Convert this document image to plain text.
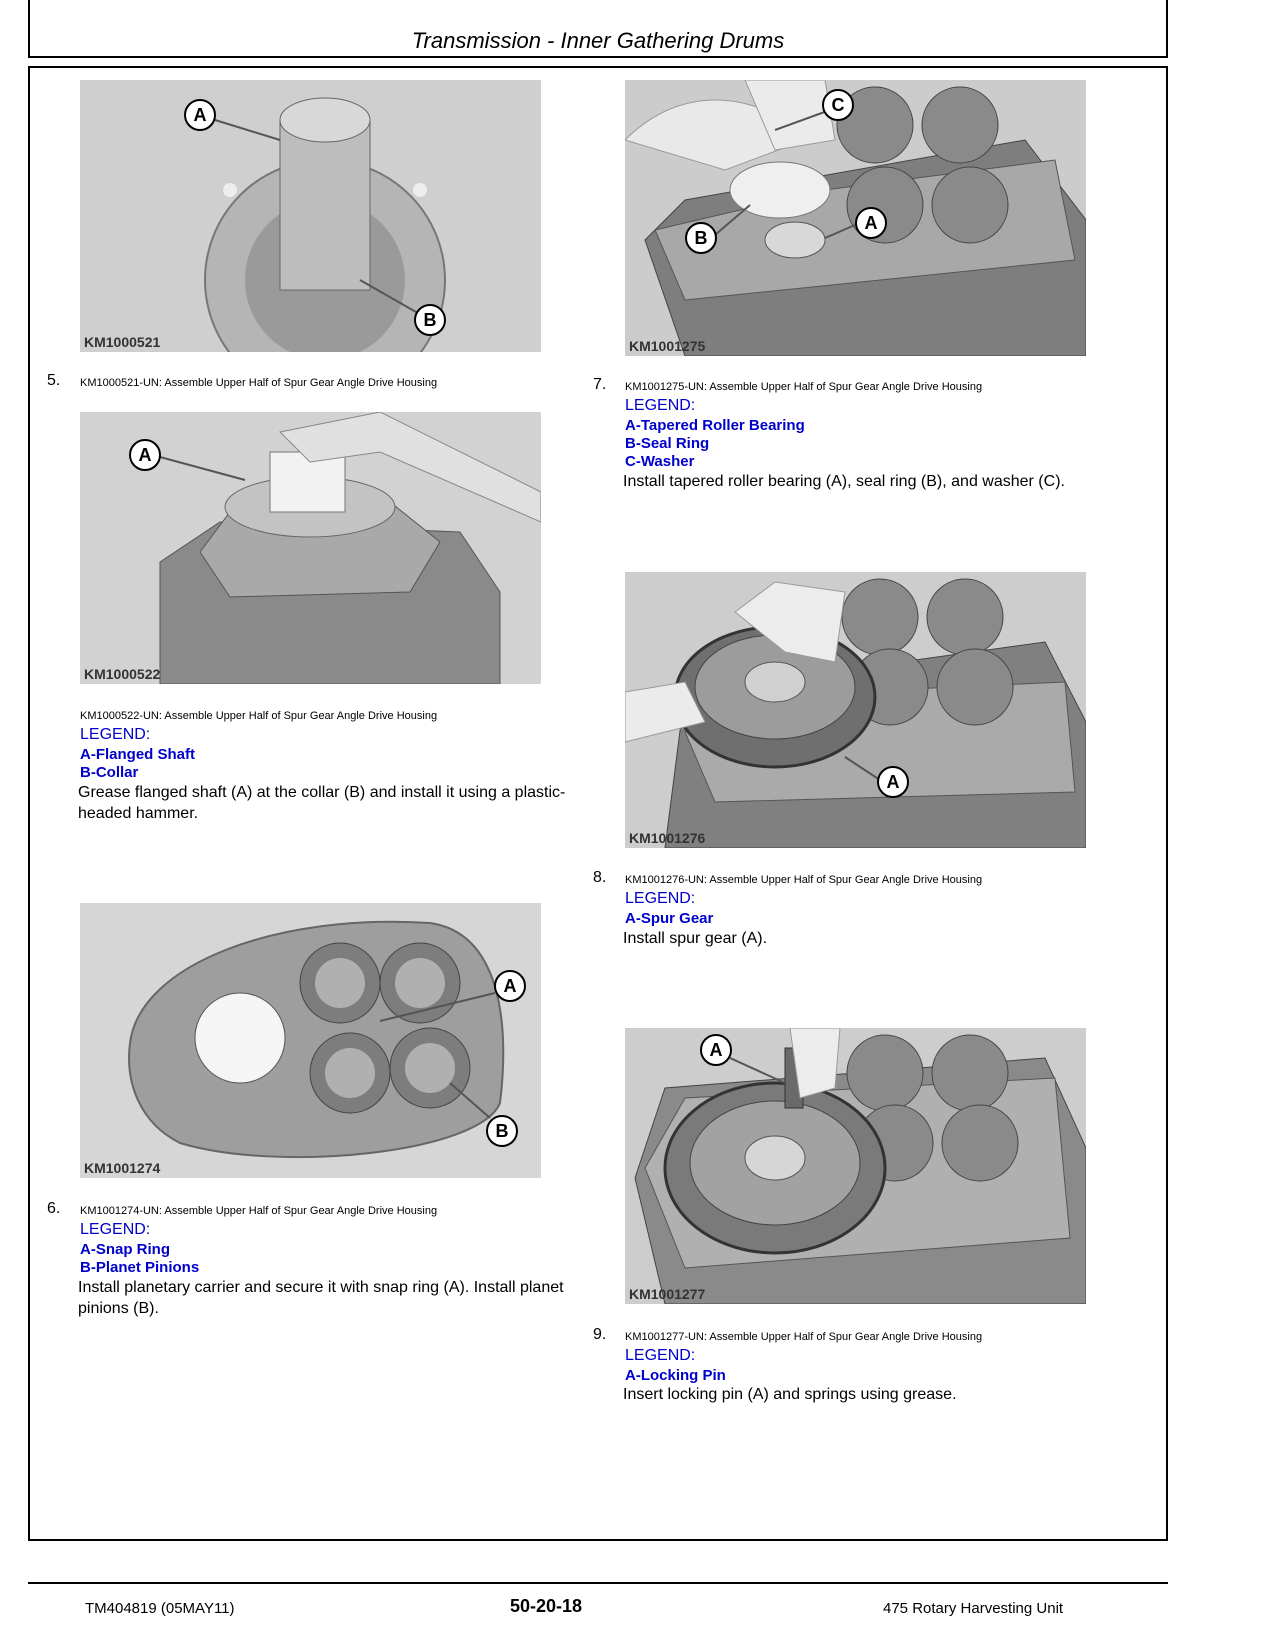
Transmission - Inner Gathering Drums
A
B
KM1000521
5. KM1000521-UN: Assemble Upper Half of Spur Gear Angle Drive Housing
A
KM1000522
KM1000522-UN: Assemble Upper Half of Spur Gear Angle Drive Housing
LEGEND:
A-Flanged Shaft
B-Collar
Grease flanged shaft (A) at the collar (B) and install it using a plastic-headed hammer.
A
B
KM1001274
6. KM1001274-UN: Assemble Upper Half of Spur Gear Angle Drive Housing
LEGEND:
A-Snap Ring
B-Planet Pinions
Install planetary carrier and secure it with snap ring (A). Install planet pinions (B).
C
B
A
KM1001275
7. KM1001275-UN: Assemble Upper Half of Spur Gear Angle Drive Housing
LEGEND:
A-Tapered Roller Bearing
B-Seal Ring
C-Washer
Install tapered roller bearing (A), seal ring (B), and washer (C).
A
KM1001276
8. KM1001276-UN: Assemble Upper Half of Spur Gear Angle Drive Housing
LEGEND:
A-Spur Gear
Install spur gear (A).
A
KM1001277
9. KM1001277-UN: Assemble Upper Half of Spur Gear Angle Drive Housing
LEGEND:
A-Locking Pin
Insert locking pin (A) and springs using grease.
TM404819 (05MAY11)	50-20-18	475 Rotary Harvesting Unit
